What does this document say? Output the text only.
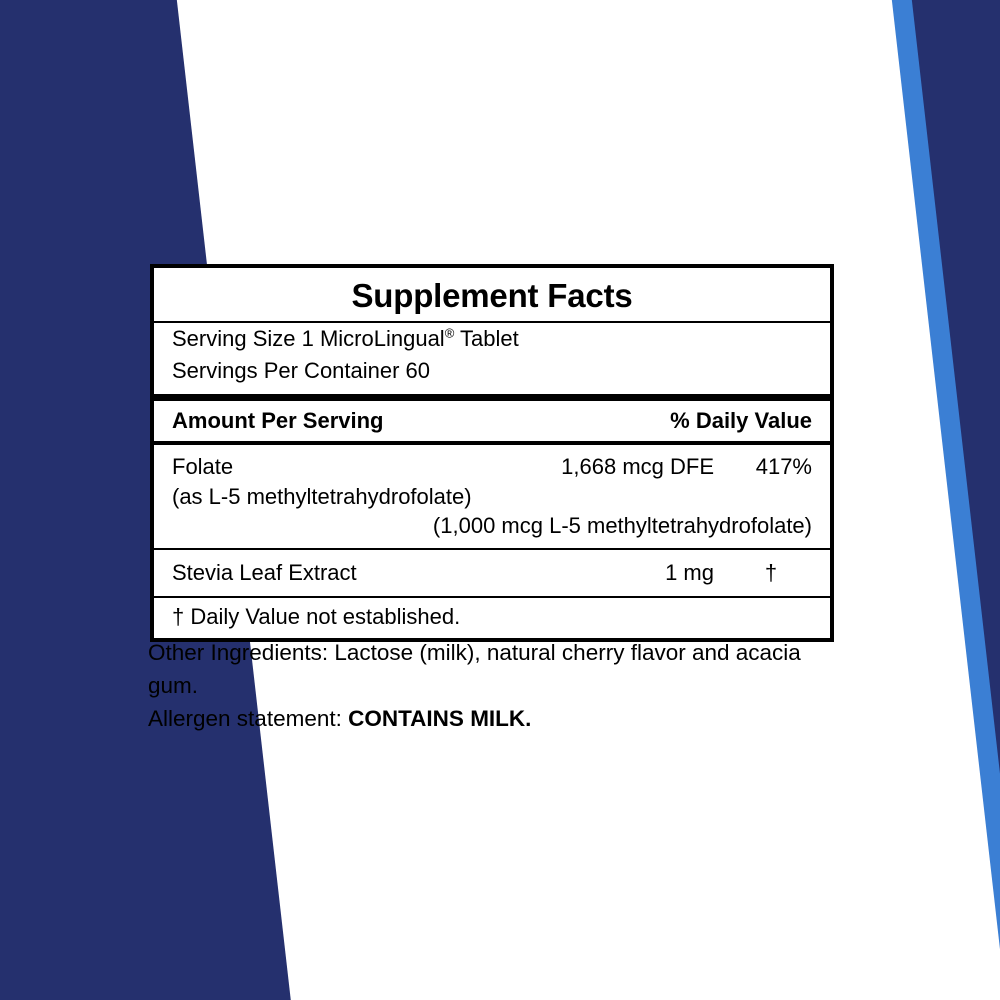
Supplement Facts
Serving Size 1 MicroLingual® Tablet
Servings Per Container 60
Amount Per Serving	% Daily Value
Folate	1,668 mcg DFE	417%
(as L-5 methyltetrahydrofolate)
(1,000 mcg L-5 methyltetrahydrofolate)
Stevia Leaf Extract	1 mg	†
† Daily Value not established.

Other Ingredients: Lactose (milk), natural cherry flavor and acacia gum.

Allergen statement: CONTAINS MILK.
